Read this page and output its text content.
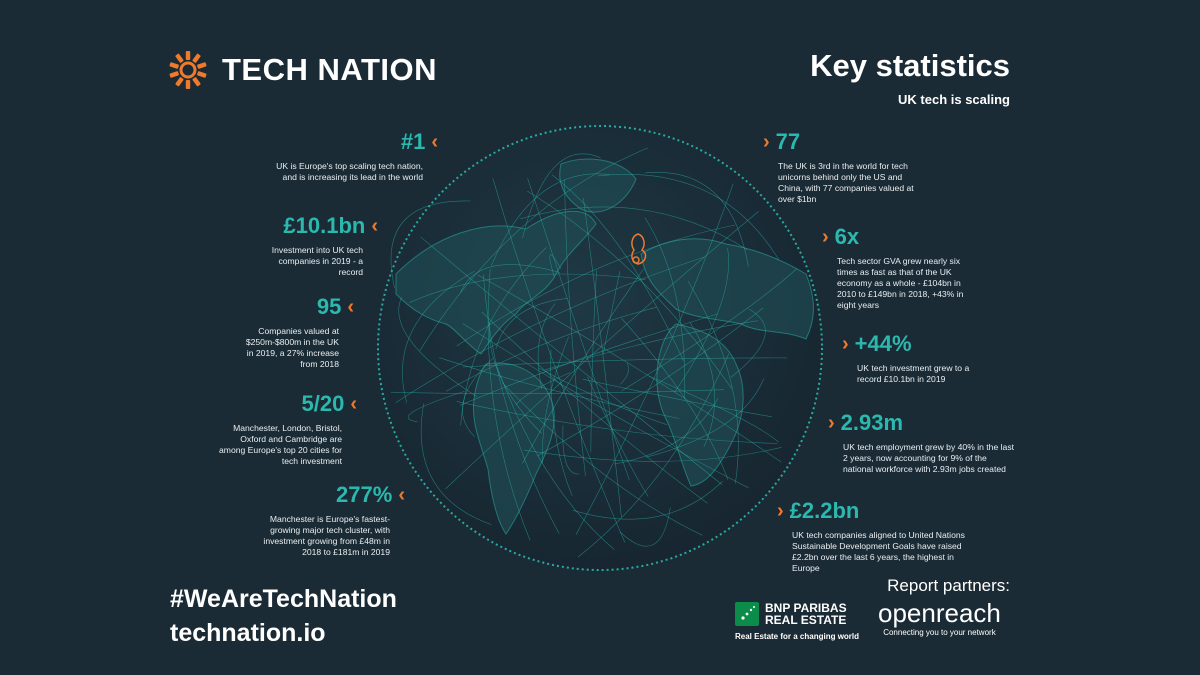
TECH NATION	Key statistics
UK tech is scaling
#1 ‹
UK is Europe's top scaling tech nation, and is increasing its lead in the world
£10.1bn ‹
Investment into UK tech companies in 2019 - a record
95 ‹
Companies valued at $250m-$800m in the UK in 2019, a 27% increase from 2018
5/20 ‹
Manchester, London, Bristol, Oxford and Cambridge are among Europe's top 20 cities for tech investment
277% ‹
Manchester is Europe's fastest-growing major tech cluster, with investment growing from £48m in 2018 to £181m in 2019
› 77
The UK is 3rd in the world for tech unicorns behind only the US and China, with 77 companies valued at over $1bn
› 6x
Tech sector GVA grew nearly six times as fast as that of the UK economy as a whole - £104bn in 2010 to £149bn in 2018, +43% in eight years
› +44%
UK tech investment grew to a record £10.1bn in 2019
› 2.93m
UK tech employment grew by 40% in the last 2 years, now accounting for 9% of the national workforce with 2.93m jobs created
› £2.2bn
UK tech companies aligned to United Nations Sustainable Development Goals have raised £2.2bn over the last 6 years, the highest in Europe
#WeAreTechNation
technation.io
Report partners:
BNP PARIBAS
REAL ESTATE
Real Estate for a changing world
openreach
Connecting you to your network
